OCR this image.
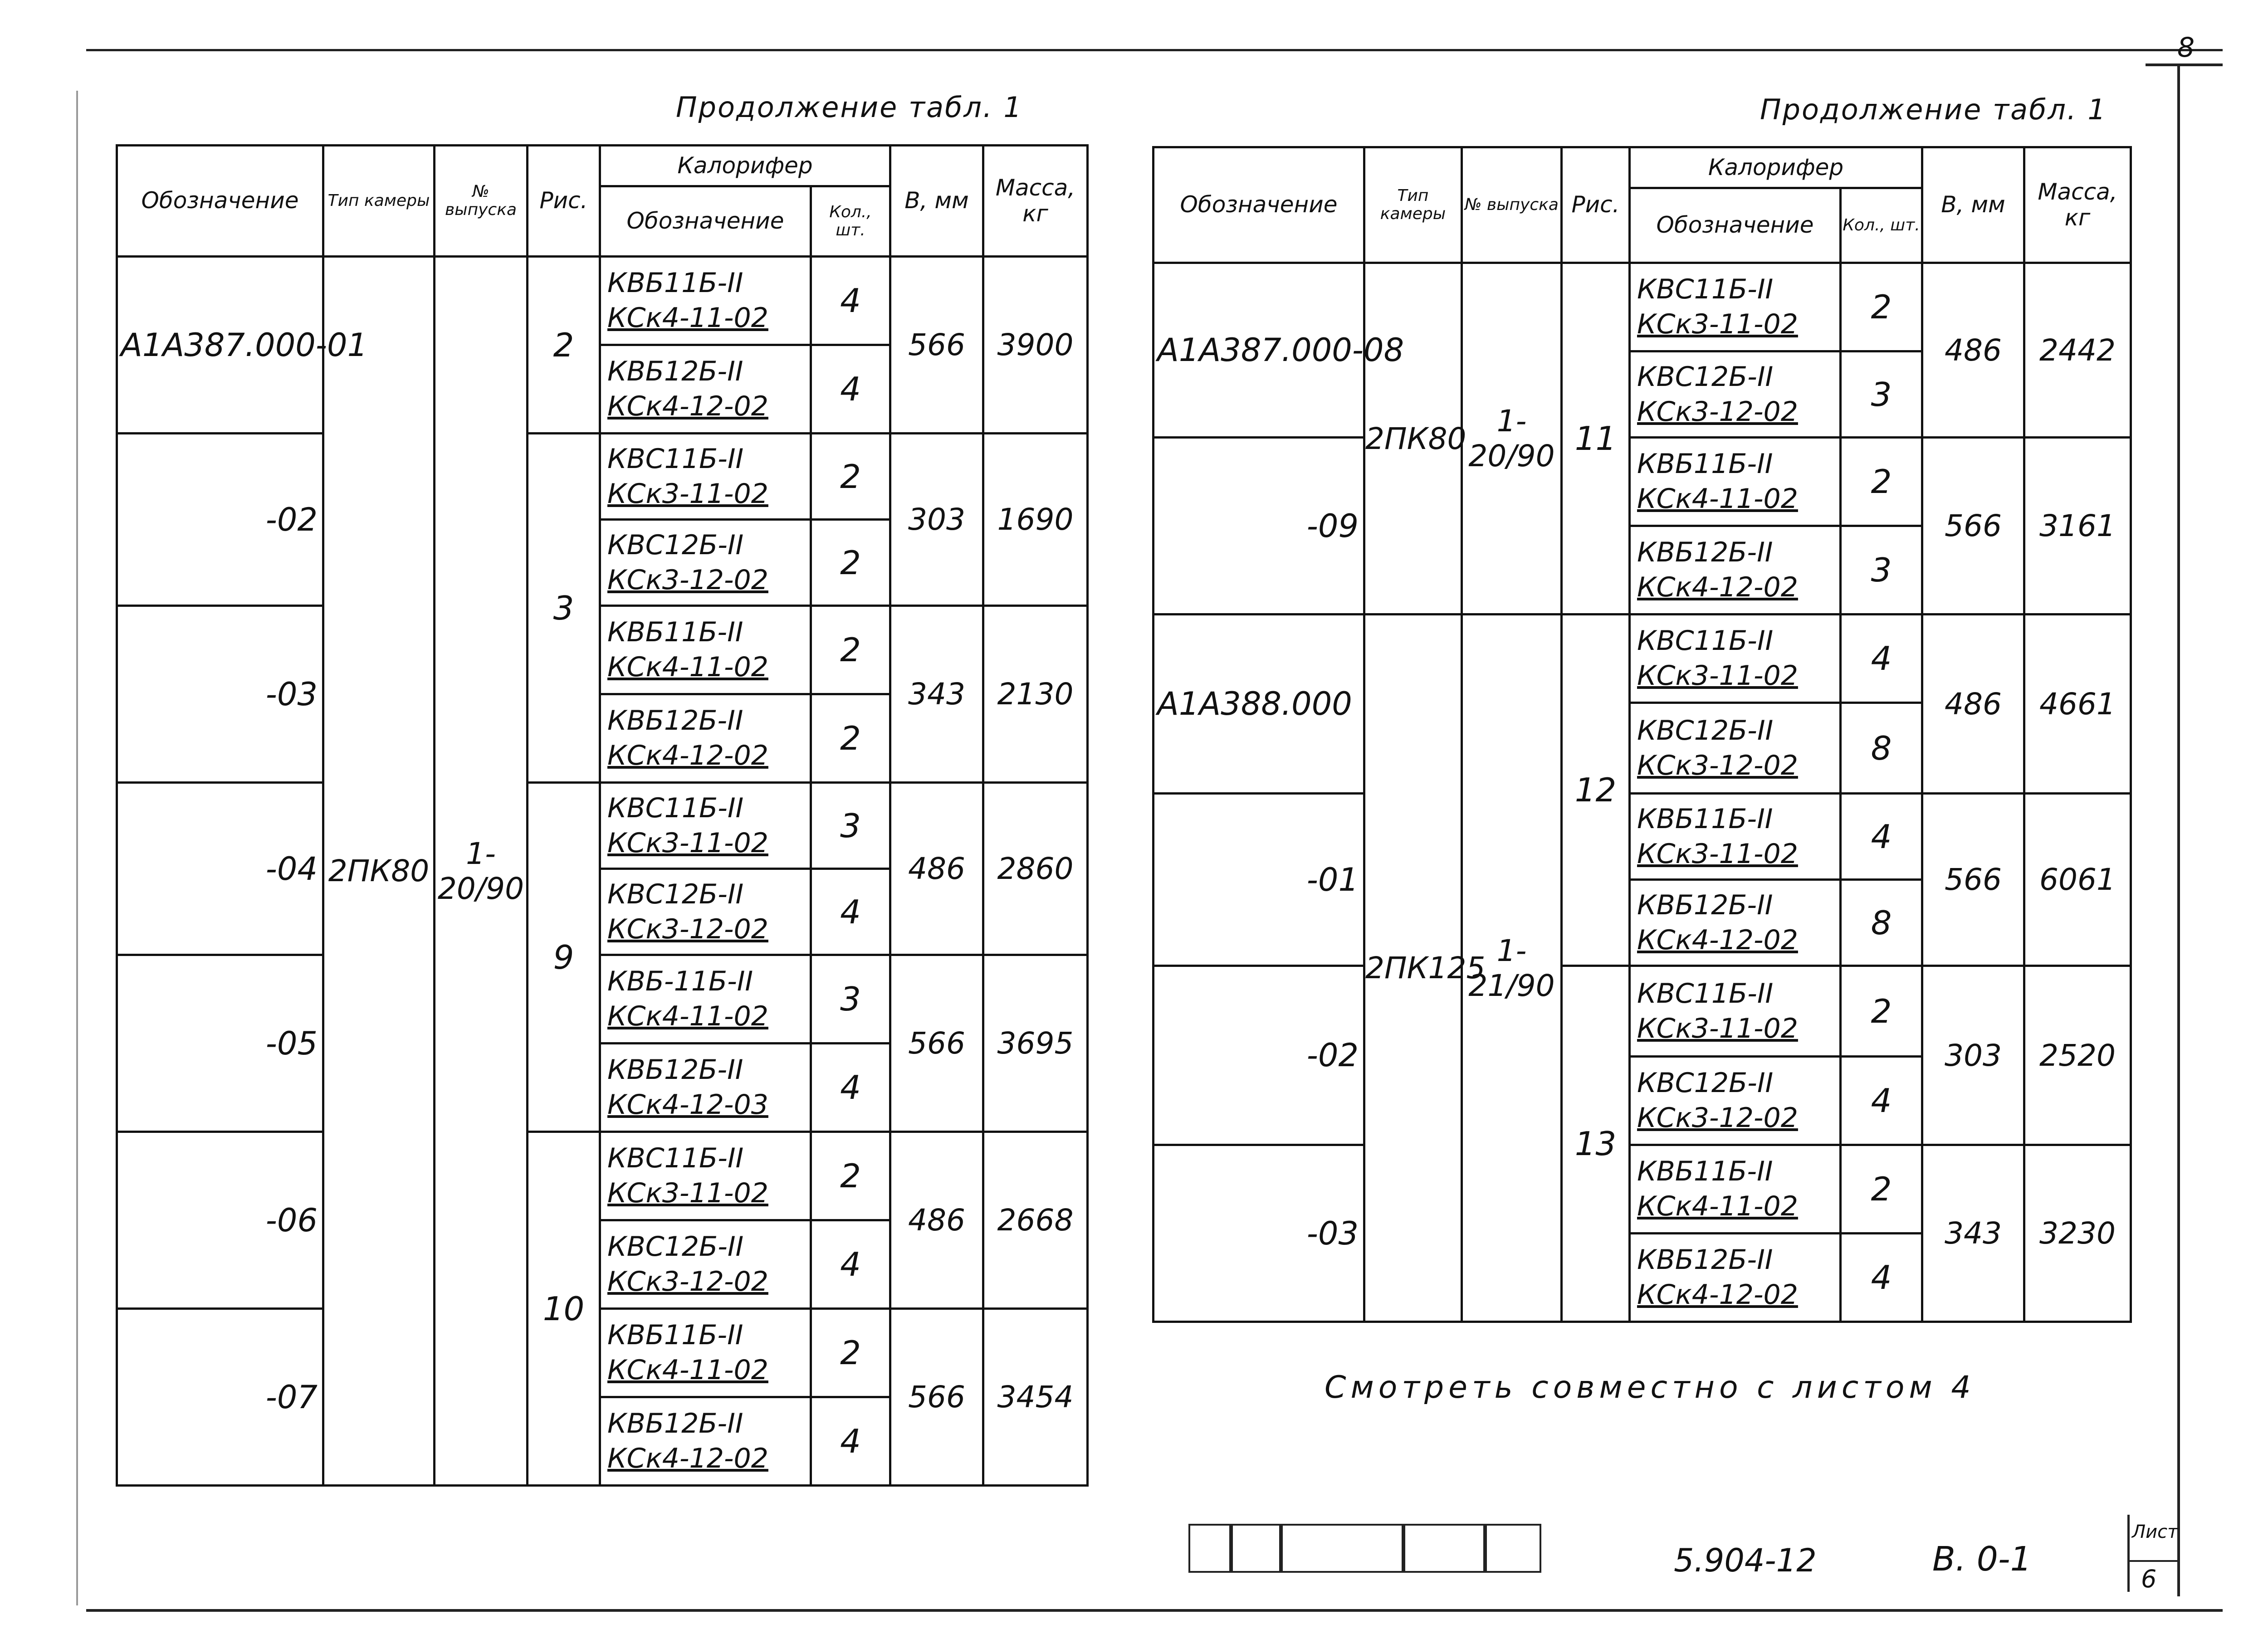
8
Продолжение табл. 1	Продолжение табл. 1
Обозначение	Тип камеры	№ выпуска	Рис.	Калорифер		В, мм	Масса, кг
				Обозначение	Кол., шт.		
А1А387.000-01	2ПК80	1-20/90	2	КВБ11Б-II
КСк4-11-02	4	566	3900

				КВБ12Б-II
КСк4-12-02	4		
-02			3	КВС11Б-II
КСк3-11-02	2	303	1690

				КВС12Б-II
КСк3-12-02	2		
-03				КВБ11Б-II
КСк4-11-02	2	343	2130

				КВБ12Б-II
КСк4-12-02	2		
-04			9	КВС11Б-II
КСк3-11-02	3	486	2860

				КВС12Б-II
КСк3-12-02	4		
-05				КВБ-11Б-II
КСк4-11-02	3	566	3695

				КВБ12Б-II
КСк4-12-03	4		
-06			10	КВС11Б-II
КСк3-11-02	2	486	2668

				КВС12Б-II
КСк3-12-02	4		
-07				КВБ11Б-II
КСк4-11-02	2	566	3454

				КВБ12Б-II
КСк4-12-02	4		
Обозначение	Тип камеры	№ выпуска	Рис.	Калорифер		В, мм	Масса, кг
				Обозначение	Кол., шт.		
А1А387.000-08	2ПК80	1-20/90	11	КВС11Б-II
КСк3-11-02	2	486	2442

				КВС12Б-II
КСк3-12-02	3		
-09				КВБ11Б-II
КСк4-11-02	2	566	3161

				КВБ12Б-II
КСк4-12-02	3		
А1А388.000	2ПК125	1-21/90	12	КВС11Б-II
КСк3-11-02	4	486	4661

				КВС12Б-II
КСк3-12-02	8		
-01				КВБ11Б-II
КСк3-11-02	4	566	6061

				КВБ12Б-II
КСк4-12-02	8		
-02			13	КВС11Б-II
КСк3-11-02	2	303	2520

				КВС12Б-II
КСк3-12-02	4		
-03				КВБ11Б-II
КСк4-11-02	2	343	3230

				КВБ12Б-II
КСк4-12-02	4		
Смотреть совместно с листом 4
5.904-12	В. 0-1
Лист
6
